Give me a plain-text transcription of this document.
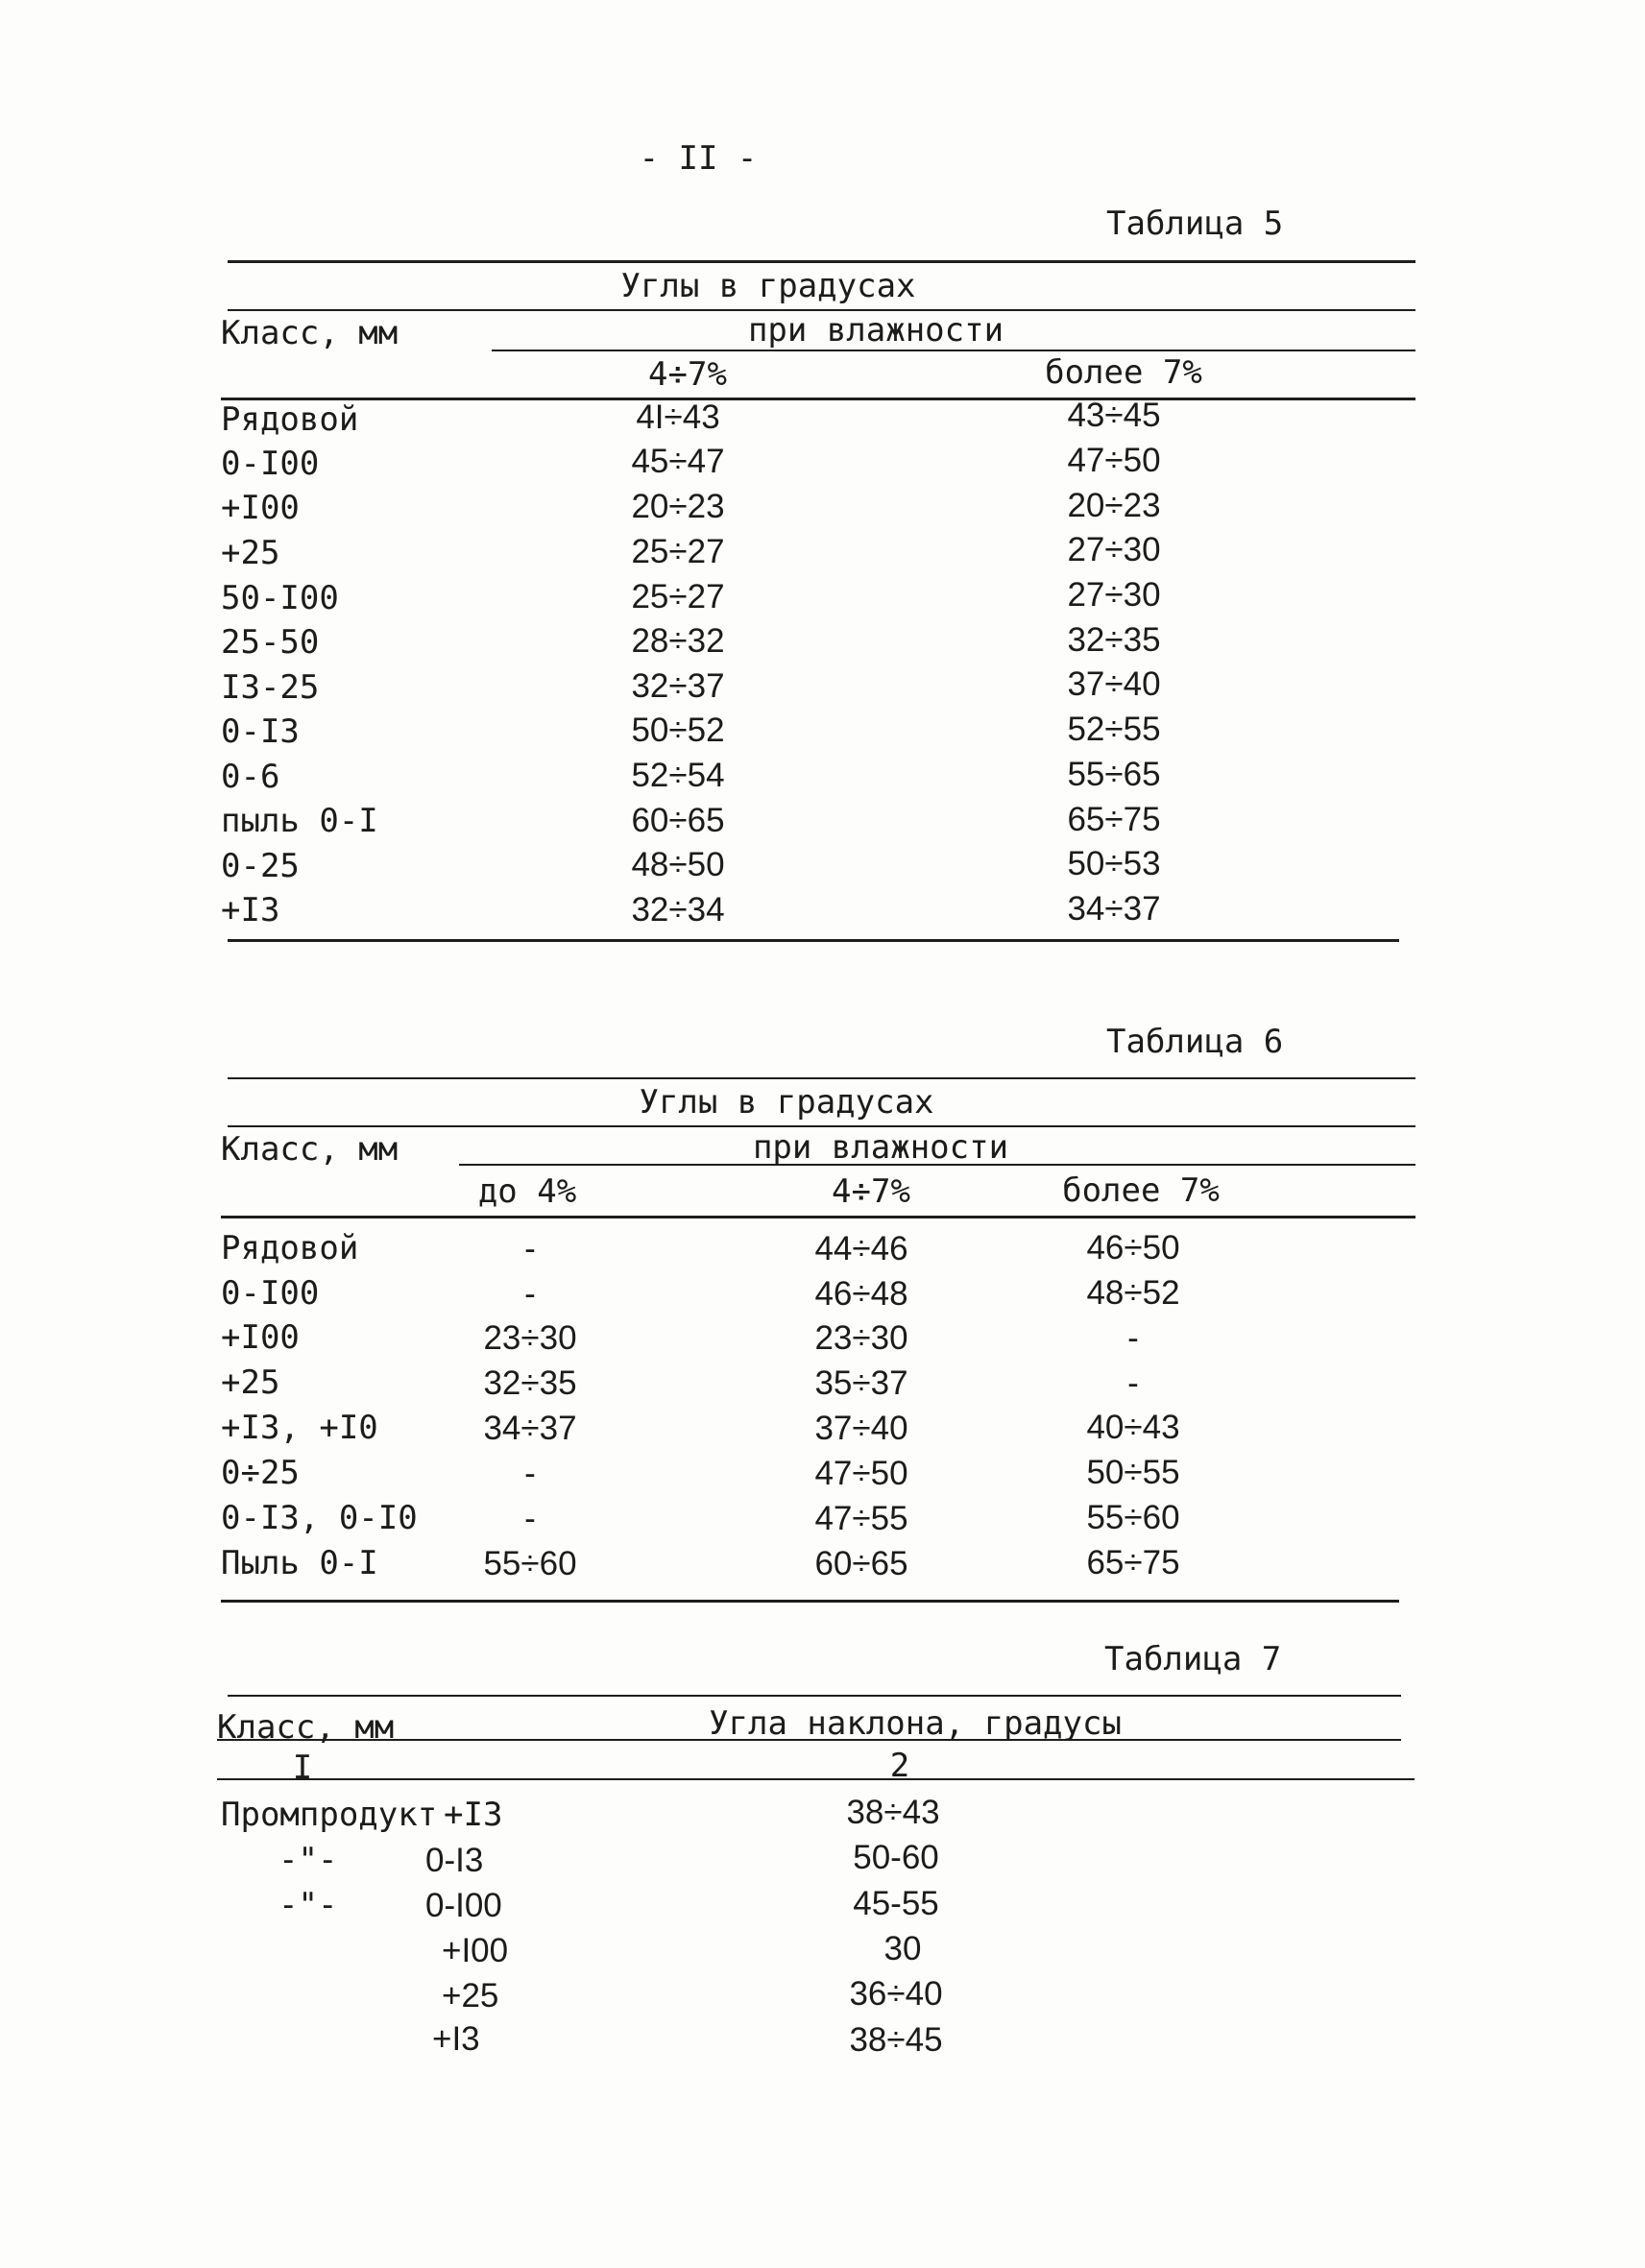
- II -
Таблица 5
Углы в градусах
Класс, мм	при влажности
4÷7%	более 7%
Рядовой	4I÷43	43÷45
0-I00	45÷47	47÷50
+I00	20÷23	20÷23
+25	25÷27	27÷30
50-I00	25÷27	27÷30
25-50	28÷32	32÷35
I3-25	32÷37	37÷40
0-I3	50÷52	52÷55
0-6	52÷54	55÷65
пыль 0-I	60÷65	65÷75
0-25	48÷50	50÷53
+I3	32÷34	34÷37
Таблица 6
Углы в градусах
Класс, мм	при влажности
до 4%	4÷7%	более 7%
Рядовой	-	44÷46	46÷50
0-I00	-	46÷48	48÷52
+I00	23÷30	23÷30	-
+25	32÷35	35÷37	-
+I3, +I0	34÷37	37÷40	40÷43
0÷25	-	47÷50	50÷55
0-I3, 0-I0	-	47÷55	55÷60
Пыль 0-I	55÷60	60÷65	65÷75
Таблица 7
Класс, мм	Угла наклона, градусы
I	2
Промпродукт +I3	38÷43
-"-	0-I3	50-60
-"-	0-I00	45-55
+I00	30
+25	36÷40
+I3	38÷45
